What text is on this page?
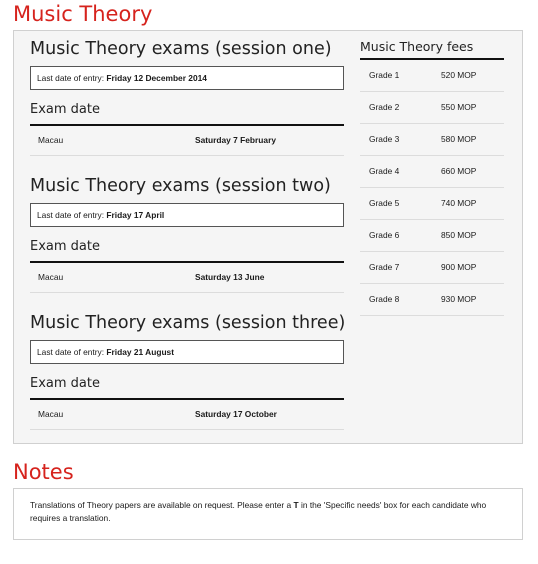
Music Theory
Music Theory exams (session one)
Last date of entry: Friday 12 December 2014
Exam date
Macau	Saturday 7 February
Music Theory exams (session two)
Last date of entry: Friday 17 April
Exam date
Macau	Saturday 13 June
Music Theory exams (session three)
Last date of entry: Friday 21 August
Exam date
Macau	Saturday 17 October
Music Theory fees
Grade 1	520 MOP
Grade 2	550 MOP
Grade 3	580 MOP
Grade 4	660 MOP
Grade 5	740 MOP
Grade 6	850 MOP
Grade 7	900 MOP
Grade 8	930 MOP
Notes
Translations of Theory papers are available on request. Please enter a T in the 'Specific needs' box for each candidate who requires a translation.
